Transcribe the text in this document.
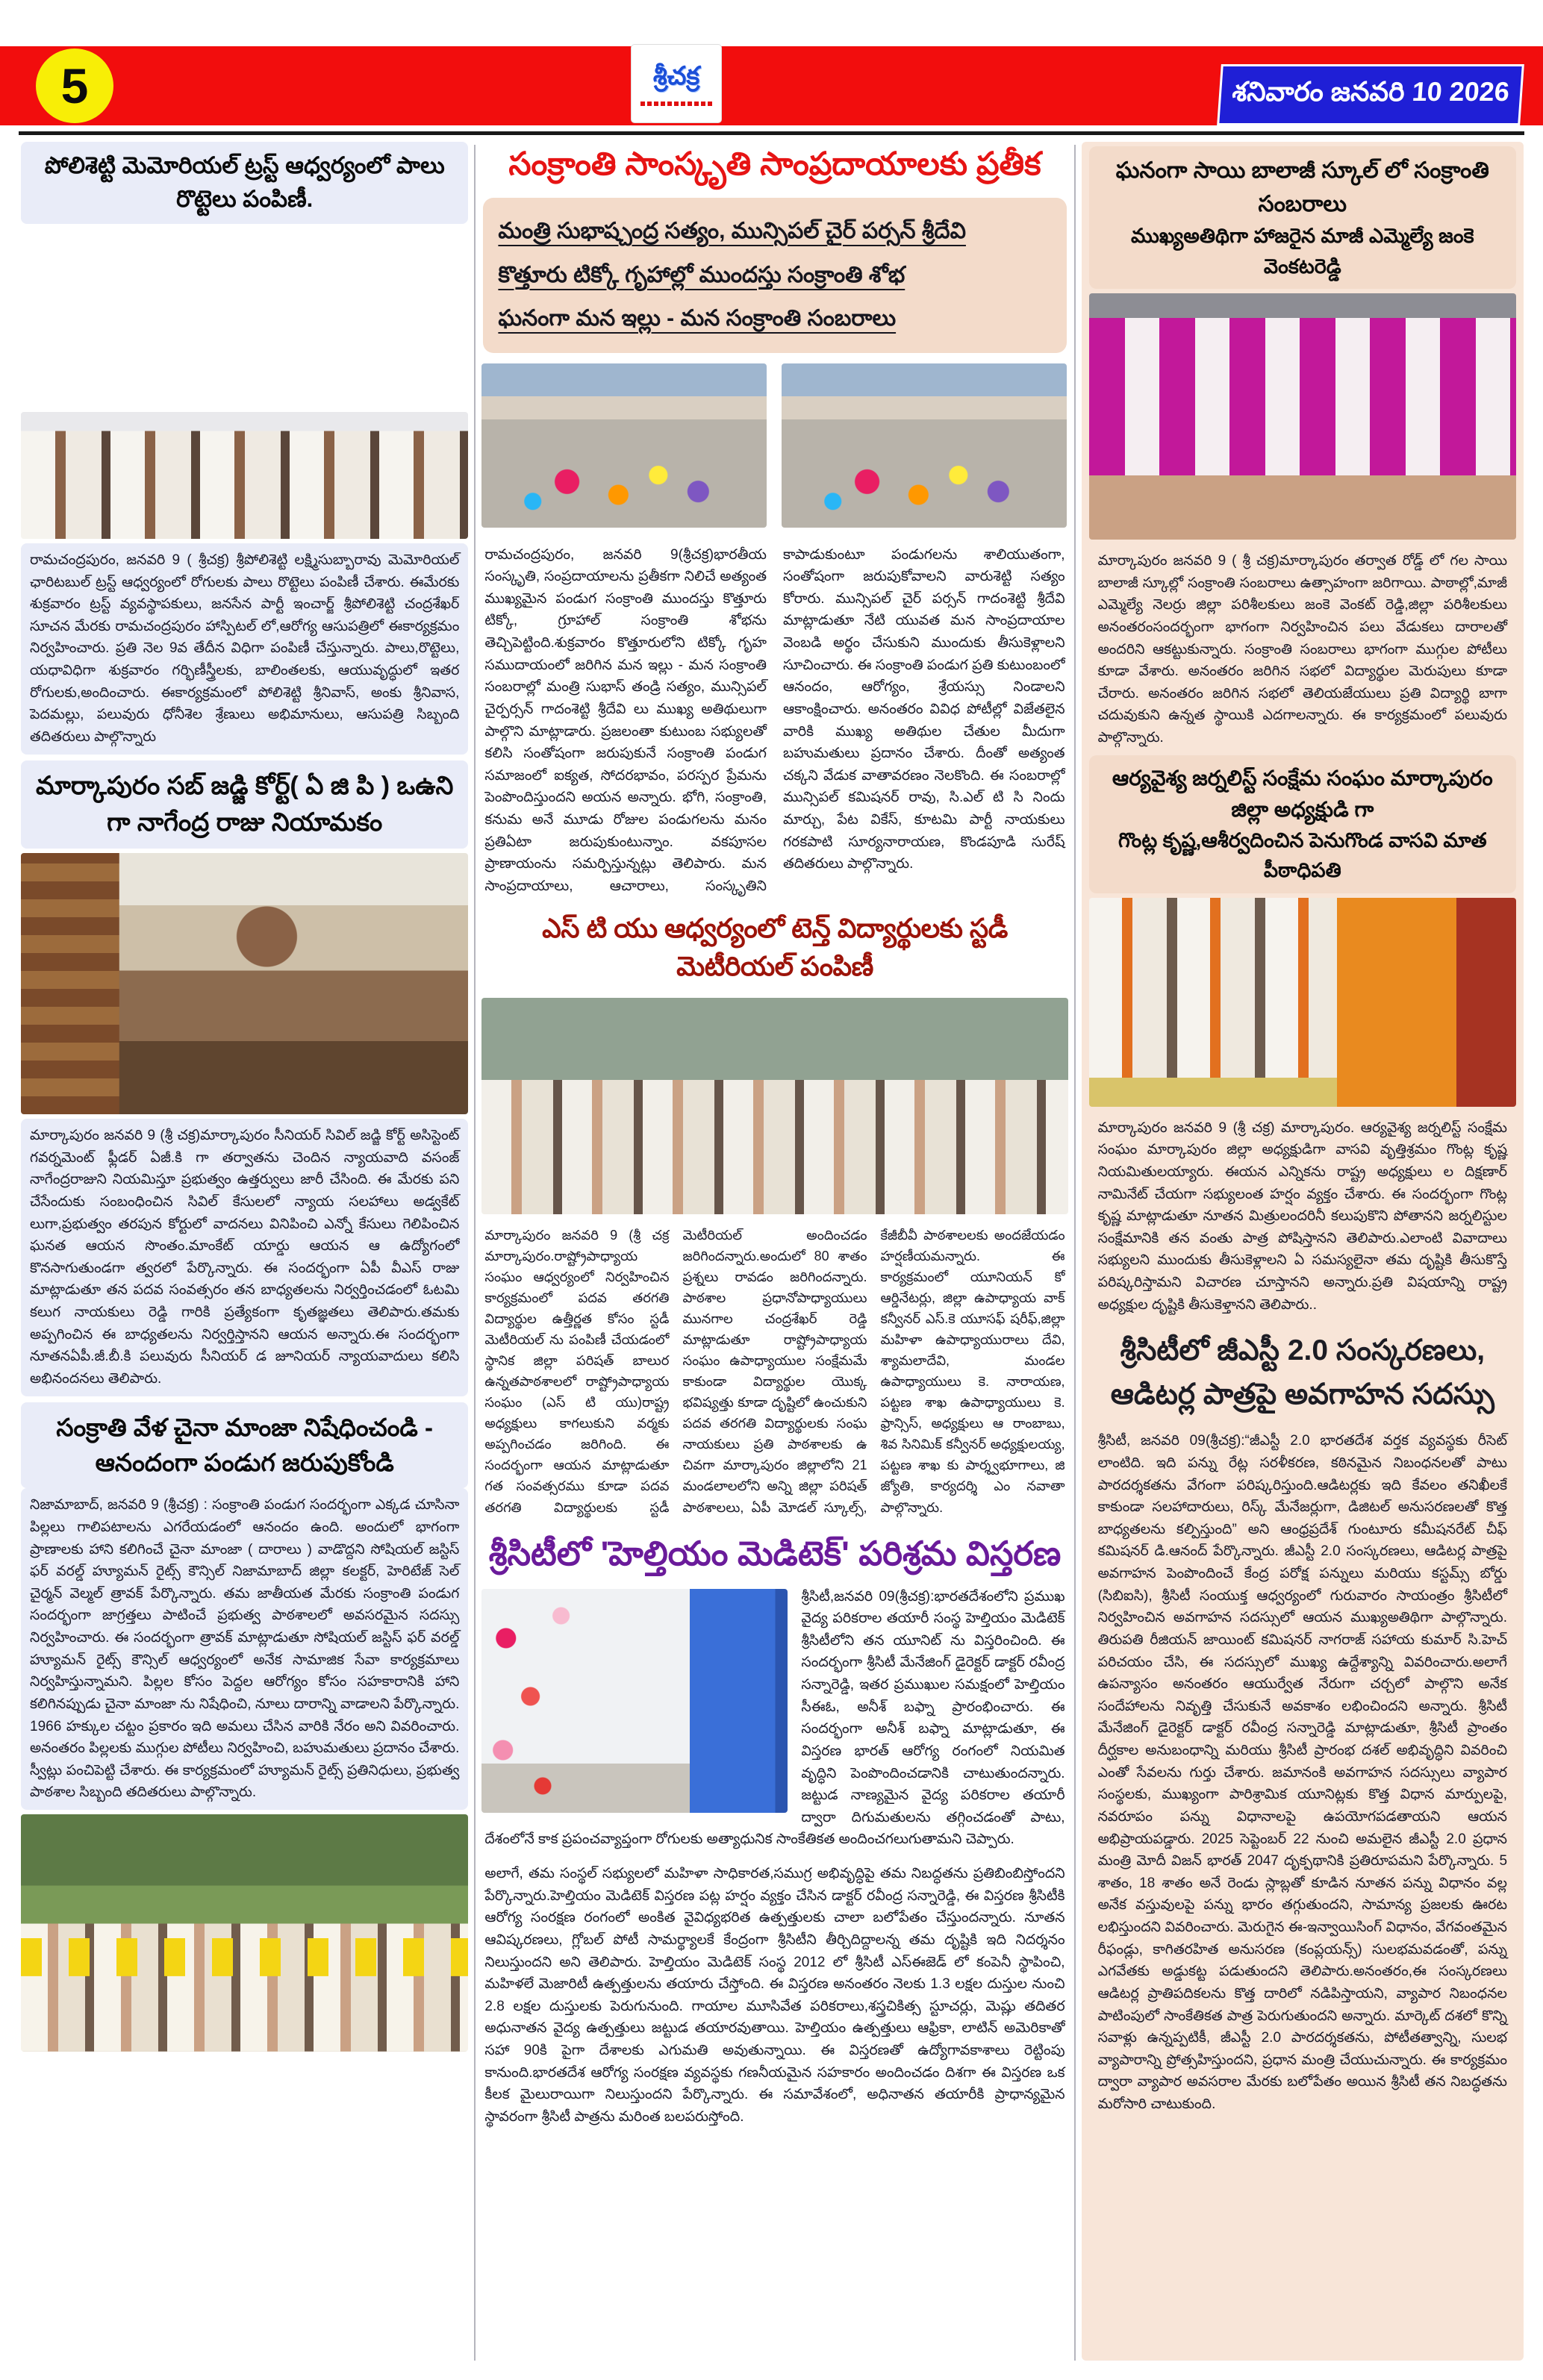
5	శ్రీచక్ర	శనివారం జనవరి 10 2026
పోలిశెట్టి మెమోరియల్ ట్రస్ట్ ఆధ్వర్యంలో పాలు రొట్టెలు పంపిణీ.
రామచంద్రపురం, జనవరి 9 ( శ్రీచక్ర) శ్రీపోలిశెట్టి లక్ష్మిసుబ్బారావు మెమోరియల్ ఛారిటబుల్ ట్రస్ట్ ఆధ్వర్యంలో రోగులకు పాలు రొట్టెలు పంపిణీ చేశారు. ఈమేరకు శుక్రవారం ట్రస్ట్ వ్యవస్థాపకులు, జనసేన పార్టీ ఇంచార్జ్ శ్రీపోలిశెట్టి చంద్రశేఖర్ సూచన మేరకు రామచంద్రపురం హాస్పిటల్ లో,ఆరోగ్య ఆసుపత్రిలో ఈకార్యక్రమం నిర్వహించారు. ప్రతి నెల 9వ తేదీన విధిగా పంపిణీ చేస్తున్నారు. పాలు,రొట్టెలు, యధావిధిగా శుక్రవారం గర్భిణీస్త్రీలకు, బాలింతలకు, ఆయువృద్ధులో ఇతర రోగులకు,అందించారు. ఈకార్యక్రమంలో పోలిశెట్టి శ్రీనివాస్, అంకు శ్రీనివాస, పెదమల్లు, పలువురు ధోనీశెల శ్రేణులు అభిమానులు, ఆసుపత్రి సిబ్బంది తదితరులు పాల్గొన్నారు
మార్కాపురం సబ్ జడ్జి కోర్ట్( ఏ జి పి ) ఒఉని గా నాగేంద్ర రాజు నియామకం
మార్కాపురం జనవరి 9 (శ్రీ చక్ర)మార్కాపురం సీనియర్ సివిల్ జడ్జి కోర్ట్ అసిస్టెంట్ గవర్నమెంట్ ఫ్లీడర్ ఏజీ.కి గా తర్వాతను చెందిన న్యాయవాది వసంజ్ నాగేంద్రరాజుని నియమిస్తూ ప్రభుత్వం ఉత్తర్వులు జారీ చేసింది. ఈ మేరకు పని చేసేందుకు సంబంధించిన సివిల్ కేసులలో న్యాయ సలహాలు అడ్వకేట్ లుగా,ప్రభుత్వం తరపున కోర్టులో వాదనలు వినిపించి ఎన్నో కేసులు గెలిపించిన ఘనత ఆయన సొంతం.మాంకేట్ యార్డు ఆయన ఆ ఉద్యోగంలో కొనసాగుతుండగా త్వరలో పేర్కొన్నారు. ఈ సందర్భంగా ఏపీ వీఎస్ రాజు మాట్లాడుతూ తన పదవ సంవత్సరం తన బాధ్యతలను నిర్వర్తించడంలో ఓటమి కలుగ నాయకులు రెడ్డి గారికి ప్రత్యేకంగా కృతజ్ఞతలు తెలిపారు.తమకు అప్పగించిన ఈ బాధ్యతలను నిర్వర్తిస్తానని ఆయన అన్నారు.ఈ సందర్భంగా నూతనఏపీ.జీ.బీ.కి పలువురు సీనియర్ డ జూనియర్ న్యాయవాదులు కలిసి అభినందనలు తెలిపారు.
సంక్రాతి వేళ చైనా మాంజా నిషేధించండి - ఆనందంగా పండుగ జరుపుకోండి
నిజామాబాద్, జనవరి 9 (శ్రీచక్ర) : సంక్రాంతి పండుగ సందర్భంగా ఎక్కడ చూసినా పిల్లలు గాలిపటాలను ఎగరేయడంలో ఆనందం ఉంది. అందులో భాగంగా ప్రాణాలకు హాని కలిగించే చైనా మాంజా ( దారాలు ) వాడొద్దని సోషియల్ జస్టిస్ ఫర్ వరల్డ్ హ్యూమన్ రైట్స్ కౌన్సిల్ నిజామాబాద్ జిల్లా కలక్టర్, హెరిటేజ్ సెల్ చైర్మన్ వెల్మల్ త్రావక్ పేర్కొన్నారు. తమ జాతీయత మేరకు సంక్రాంతి పండుగ సందర్భంగా జాగ్రత్తలు పాటించే ప్రభుత్వ పాఠశాలలో అవసరమైన సదస్సు నిర్వహించారు. ఈ సందర్భంగా త్రావక్ మాట్లాడుతూ సోషియల్ జస్టిస్ ఫర్ వరల్డ్ హ్యూమన్ రైట్స్ కౌన్సిల్ ఆధ్వర్యంలో అనేక సామాజిక సేవా కార్యక్రమాలు నిర్వహిస్తున్నామని. పిల్లల కోసం పెద్దల ఆరోగ్యం కోసం సహకారానికి హాని కలిగినప్పుడు చైనా మాంజా ను నిషేధించి, నూలు దారాన్ని వాడాలని పేర్కొన్నారు. 1966 హక్కుల చట్టం ప్రకారం ఇది అమలు చేసిన వారికి నేరం అని వివరించారు. అనంతరం పిల్లలకు ముగ్గుల పోటీలు నిర్వహించి, బహుమతులు ప్రదానం చేశారు. స్వీట్లు పంచిపెట్టి చేశారు. ఈ కార్యక్రమంలో హ్యూమన్ రైట్స్ ప్రతినిధులు, ప్రభుత్వ పాఠశాల సిబ్బంది తదితరులు పాల్గొన్నారు.
సంక్రాంతి సాంస్కృతి సాంప్రదాయాలకు ప్రతీక
మంత్రి సుభాష్చంద్ర సత్యం, మున్సిపల్ చైర్ పర్సన్ శ్రీదేవి
కొత్తూరు టిక్కో గృహాల్లో ముందస్తు సంక్రాంతి శోభ
ఘనంగా మన ఇల్లు - మన సంక్రాంతి సంబరాలు
రామచంద్రపురం, జనవరి 9(శ్రీచక్ర)భారతీయ సంస్కృతి, సంప్రదాయాలను ప్రతీకగా నిలిచే అత్యంత ముఖ్యమైన పండుగ సంక్రాంతి ముందస్తు కొత్తూరు టిక్కో, గ్రూహాల్ సంక్రాంతి శోభను తెచ్చిపెట్టింది.శుక్రవారం కొత్తూరులోని టిక్కో గృహ సముదాయంలో జరిగిన మన ఇల్లు - మన సంక్రాంతి సంబరాల్లో మంత్రి సుభాస్ తండ్రి సత్యం, మున్సిపల్ చైర్పర్సన్ గాదంశెట్టి శ్రీదేవి లు ముఖ్య అతిథులుగా పాల్గొని మాట్లాడారు. ప్రజలంతా కుటుంబ సభ్యులతో కలిసి సంతోషంగా జరుపుకునే సంక్రాంతి పండుగ సమాజంలో ఐక్యత, సోదరభావం, పరస్పర ప్రేమను పెంపొందిస్తుందని అయన అన్నారు. భోగి, సంక్రాంతి, కనుమ అనే మూడు రోజుల పండుగలను మనం ప్రతిఏటా జరుపుకుంటున్నాం. వకపూసల ప్రాణాయంను సమర్పిస్తున్నట్లు తెలిపారు. మన సాంప్రదాయాలు, ఆచారాలు, సంస్కృతిని కాపాడుకుంటూ పండుగలను శాలియుతంగా, సంతోషంగా జరుపుకోవాలని వారుశెట్టి సత్యం కోరారు. మున్సిపల్ చైర్ పర్సన్ గాదంశెట్టి శ్రీదేవి మాట్లాడుతూ నేటి యువత మన సాంప్రదాయాల వెంబడి అర్థం చేసుకుని ముందుకు తీసుకెళ్లాలని సూచించారు. ఈ సంక్రాంతి పండుగ ప్రతి కుటుంబంలో ఆనందం, ఆరోగ్యం, శ్రేయస్సు నిండాలని ఆకాంక్షించారు. అనంతరం వివిధ పోటీల్లో విజేతలైన వారికి ముఖ్య అతిథుల చేతుల మీదుగా బహుమతులు ప్రదానం చేశారు. దీంతో అత్యంత చక్కని వేడుక వాతావరణం నెలకొంది. ఈ సంబరాల్లో మున్సిపల్ కమిషనర్ రావు, సి.ఎల్ టి సి నిందు మార్చు, పేట వికేస్, కూటమి పార్టీ నాయకులు గరకపాటి సూర్యనారాయణ, కొండపూడి సురేష్ తదితరులు పాల్గొన్నారు.
ఎస్ టి యు ఆధ్వర్యంలో టెన్త్ విద్యార్థులకు స్టడీ మెటీరియల్ పంపిణీ
మార్కాపురం జనవరి 9 (శ్రీ చక్ర మార్కాపురం.రాష్ట్రోపాధ్యాయ సంఘం ఆధ్వర్యంలో నిర్వహించిన కార్యక్రమంలో పదవ తరగతి విద్యార్థుల ఉత్తీర్ణత కోసం స్టడీ మెటీరియల్ ను పంపిణీ చేయడంలో స్థానిక జిల్లా పరిషత్ బాలుర ఉన్నతపాఠశాలలో రాష్ట్రోపాధ్యాయ సంఘం (ఎస్ టి యు)రాష్ట్ర అధ్యక్షులు కాగలుకుని వర్మకు అప్పగించడం జరిగింది. ఈ సందర్భంగా ఆయన మాట్లాడుతూ గత సంవత్సరము కూడా పదవ తరగతి విద్యార్థులకు స్టడీ మెటీరియల్ అందించడం జరిగిందన్నారు.అందులో 80 శాతం ప్రశ్నలు రావడం జరిగిందన్నారు. పాఠశాల ప్రధానోపాధ్యాయులు మునగాల చంద్రశేఖర్ రెడ్డి మాట్లాడుతూ రాష్ట్రోపాధ్యాయ సంఘం ఉపాధ్యాయుల సంక్షేమమే కాకుండా విద్యార్థుల యొక్క భవిష్యత్తు కూడా దృష్టిలో ఉంచుకుని పదవ తరగతి విద్యార్థులకు సంఘ నాయకులు ప్రతి పాఠశాలకు ఉ చివగా మార్కాపురం జిల్లాలోని 21 మండలాలలోని అన్ని జిల్లా పరిషత్ పాఠశాలలు, ఏపీ మోడల్ స్కూల్స్, కేజీబీవీ పాఠశాలలకు అందజేయడం హర్షణీయమన్నారు. ఈ కార్యక్రమంలో యూనియన్ కో ఆర్డినేటర్లు, జిల్లా ఉపాధ్యాయ వాక్ కన్వీనర్ ఎస్.కె యూసఫ్ షరీఫ్,జిల్లా మహిళా ఉపాధ్యాయురాలు దేవి, శ్యామలాదేవి, మండల ఉపాధ్యాయులు కె. నారాయణ, పట్టణ శాఖ ఉపాధ్యాయులు కె. ఫ్రాన్సిస్, అధ్యక్షులు ఆ రాంబాబు, శివ సినిమిక్ కన్వీనర్ అధ్యక్షులయ్య, పట్టణ శాఖ కు పార్శ్వభూగాలు, జి జ్యోతి, కార్యదర్శి ఎం నవాతా పాల్గొన్నారు.
శ్రీసిటీలో 'హెల్తియం మెడిటెక్' పరిశ్రమ విస్తరణ
శ్రీసిటీ,జనవరి 09(శ్రీచక్ర):భారతదేశంలోని ప్రముఖ వైద్య పరికరాల తయారీ సంస్థ హెల్తియం మెడిటెక్ శ్రీసిటీలోని తన యూనిట్ ను విస్తరించింది. ఈ సందర్భంగా శ్రీసిటీ మేనేజింగ్ డైరెక్టర్ డాక్టర్ రవీంద్ర సన్నారెడ్డి, ఇతర ప్రముఖుల సమక్షంలో హెల్తియం సీఈఓ, అనీశ్ బఫ్నా ప్రారంభించారు. ఈ సందర్భంగా అనీశ్ బఫ్నా మాట్లాడుతూ, ఈ విస్తరణ భారత్ ఆరోగ్య రంగంలో నియమిత వృద్ధిని పెంపొందించడానికి చాటుతుందన్నారు. జట్టుడ నాణ్యమైన వైద్య పరికరాల తయారీ ద్వారా దిగుమతులను తగ్గించడంతో పాటు, దేశంలోనే కాక ప్రపంచవ్యాప్తంగా రోగులకు అత్యాధునిక సాంకేతికత అందించగలుగుతామని చెప్పారు.
అలాగే, తమ సంస్థల్ సభ్యులలో మహిళా సాధికారత,సముగ్ర అభివృద్ధిపై తమ నిబద్ధతను ప్రతిబింబిస్తోందని పేర్కొన్నారు.హెల్తియం మెడిటెక్ విస్తరణ పట్ల హర్షం వ్యక్తం చేసిన డాక్టర్ రవీంద్ర సన్నారెడ్డి, ఈ విస్తరణ శ్రీసిటీకి ఆరోగ్య సంరక్షణ రంగంలో అంకిత వైవిధ్యభరిత ఉత్పత్తులకు చాలా బలోపేతం చేస్తుందన్నారు. నూతన ఆవిష్కరణలు, గ్లోబల్ పోటీ సామర్థ్యాలకే కేంద్రంగా శ్రీసిటీని తీర్చిదిద్దాలన్న తమ దృష్టికి ఇది నిదర్శనం నిలుస్తుందని అని తెలిపారు. హెల్తియం మెడిటెక్ సంస్థ 2012 లో శ్రీసిటీ ఎస్ఈజెడ్ లో కంపెనీ స్థాపించి, మహిళలే మెజారిటీ ఉత్పత్తులను తయారు చేస్తోంది. ఈ విస్తరణ అనంతరం నెలకు 1.3 లక్షల దుస్తుల నుంచి 2.8 లక్షల దుస్తులకు పెరుగునుంది. గాయాల మూసివేత పరికరాలు,శస్త్రచికిత్స స్టూచర్లు, మెష్లు తదితర అధునాతన వైద్య ఉత్పత్తులు జట్టుడ తయారవుతాయి. హెల్తియం ఉత్పత్తులు ఆఫ్రికా, లాటిన్ అమెరికాతో సహా 90కి పైగా దేశాలకు ఎగుమతి అవుతున్నాయి. ఈ విస్తరణతో ఉద్యోగావకాశాలు రెట్టింపు కానుంది.భారతదేశ ఆరోగ్య సంరక్షణ వ్యవస్థకు గణనీయమైన సహకారం అందించడం దిశగా ఈ విస్తరణ ఒక కీలక మైలురాయిగా నిలుస్తుందని పేర్కొన్నారు. ఈ సమావేశంలో, అధినాతన తయారీకి ప్రాధాన్యమైన స్థావరంగా శ్రీసిటీ పాత్రను మరింత బలపరుస్తోంది.
ఘనంగా సాయి బాలాజీ స్కూల్ లో సంక్రాంతి సంబరాలు
ముఖ్యఅతిథిగా హాజరైన మాజీ ఎమ్మెల్యే జంకె వెంకటరెడ్డి
మార్కాపురం జనవరి 9 ( శ్రీ చక్ర)మార్కాపురం తర్వాత రోడ్డ్ లో గల సాయి బాలాజీ స్కూల్లో సంక్రాంతి సంబరాలు ఉత్సాహంగా జరిగాయి. పాఠాల్లో,మాజీ ఎమ్మెల్యే నెలర్రు జిల్లా పరిశీలకులు జంకె వెంకట్ రెడ్డి,జిల్లా పరిశీలకులు అనంతరంసందర్భంగా భాగంగా నిర్వహించిన పలు వేడుకలు దారాలతో అందరిని ఆకట్టుకున్నారు. సంక్రాంతి సంబరాలు భాగంగా ముగ్గుల పోటీలు కూడా వేశారు. అనంతరం జరిగిన సభలో విద్యార్థుల మెరుపులు కూడా చేరారు. అనంతరం జరిగిన సభలో తెలియజేయులు ప్రతి విద్యార్థి బాగా చదువుకుని ఉన్నత స్థాయికి ఎదగాలన్నారు. ఈ కార్యక్రమంలో పలువురు పాల్గొన్నారు.
ఆర్యవైశ్య జర్నలిస్ట్ సంక్షేమ సంఘం మార్కాపురం జిల్లా అధ్యక్షుడి గా
గొంట్ల కృష్ణ,ఆశీర్వదించిన పెనుగొండ వాసవి మాత పీఠాధిపతి
మార్కాపురం జనవరి 9 (శ్రీ చక్ర) మార్కాపురం. ఆర్యవైశ్య జర్నలిస్ట్ సంక్షేమ సంఘం మార్కాపురం జిల్లా అధ్యక్షుడిగా వాసవి వృత్తిశ్రమం గొంట్ల కృష్ణ నియమితులయ్యారు. ఈయన ఎన్నికను రాష్ట్ర అధ్యక్షులు ల దిక్షణార్ నామినేట్ చేయగా సభ్యులంత హర్షం వ్యక్తం చేశారు. ఈ సందర్భంగా గొంట్ల కృష్ణ మాట్లాడుతూ నూతన మిత్రులందరినీ కలుపుకొని పోతానని జర్నలిస్టుల సంక్షేమానికి తన వంతు పాత్ర పోషిస్తానని తెలిపారు.ఎలాంటి వివాదాలు సభ్యులని ముందుకు తీసుకెళ్లాలని ఏ సమస్యలైనా తమ దృష్టికి తీసుకొస్తే పరిష్కరిస్తామని విచారణ చూస్తానని అన్నారు.ప్రతి విషయాన్ని రాష్ట్ర అధ్యక్షుల దృష్టికి తీసుకెళ్తానని తెలిపారు..
శ్రీసిటీలో జీఎస్టీ 2.0 సంస్కరణలు,
ఆడిటర్ల పాత్రపై అవగాహన సదస్సు
శ్రీసిటీ, జనవరి 09(శ్రీచక్ర):“జీఎస్టీ 2.0 భారతదేశ వర్తక వ్యవస్థకు రీసెట్ లాంటిది. ఇది పన్ను రేట్ల సరళీకరణ, కఠినమైన నిబంధనలతో పాటు పారదర్శకతను వేగంగా పరిష్కరిస్తుంది.ఆడిటర్లకు ఇది కేవలం తనిఖీలకే కాకుండా సలహాదారులు, రిస్క్ మేనేజర్లుగా, డిజిటల్ అనుసరణలతో కొత్త బాధ్యతలను కల్పిస్తుంది” అని ఆంధ్రప్రదేశ్ గుంటూరు కమీషనరేట్ చీఫ్ కమిషనర్ డి.ఆనంద్ పేర్కొన్నారు. జీఎస్టీ 2.0 సంస్కరణలు, ఆడిటర్ల పాత్రపై అవగాహన పెంపొందించే కేంద్ర పరోక్ష పన్నులు మరియు కస్టమ్స్ బోర్డు (సిబిఐసి), శ్రీసిటీ సంయుక్త ఆధ్వర్యంలో గురువారం సాయంత్రం శ్రీసిటీలో నిర్వహించిన అవగాహన సదస్సులో ఆయన ముఖ్యఅతిథిగా పాల్గొన్నారు. తిరుపతి రీజియన్ జాయింట్ కమిషనర్ నాగరాజ్ సహాయ కుమార్ సి.హెచ్ పరిచయం చేసి, ఈ సదస్సులో ముఖ్య ఉద్దేశ్యాన్ని వివరించారు.అలాగే ఉపన్యాసం అనంతరం ఆయుర్వేత నేరుగా చర్చలో పాల్గొని అనేక సందేహాలను నివృత్తి చేసుకునే అవకాశం లభించిందని అన్నారు. శ్రీసిటీ మేనేజింగ్ డైరెక్టర్ డాక్టర్ రవీంద్ర సన్నారెడ్డి మాట్లాడుతూ, శ్రీసిటీ ప్రాంతం దీర్ఘకాల అనుబంధాన్ని మరియు శ్రీసిటీ ప్రారంభ దశల్ అభివృద్ధిని వివరించి ఎంతో సేవలను గుర్తు చేశారు. జమానంకి అవగాహన సదస్సులు వ్యాపార సంస్థలకు, ముఖ్యంగా పారిశ్రామిక యూనిట్లకు కొత్త విధాన మార్పులపై, నవరూపం పన్ను విధానాలపై ఉపయోగపడతాయని ఆయన అభిప్రాయపడ్డారు. 2025 సెప్టెంబర్ 22 నుంచి అమలైన జీఎస్టీ 2.0 ప్రధాన మంత్రి మోదీ విజన్ భారత్ 2047 దృక్పథానికి ప్రతిరూపమని పేర్కొన్నారు. 5 శాతం, 18 శాతం అనే రెండు స్లాబ్లతో కూడిన నూతన పన్ను విధానం వల్ల అనేక వస్తువులపై పన్ను భారం తగ్గుతుందని, సామాన్య ప్రజలకు ఊరట లభిస్తుందని వివరించారు. మెరుగైన ఈ-ఇన్వాయిసింగ్ విధానం, వేగవంతమైన రీఫండ్లు, కాగితరహిత అనుసరణ (కంప్లయన్స్) సులభమవడంతో, పన్ను ఎగవేతకు అడ్డుకట్ట పడుతుందని తెలిపారు.అనంతరం,ఈ సంస్కరణలు ఆడిటర్ల ప్రాతిపదికలను కొత్త దారిలో నడిపిస్తాయని, వ్యాపార నిబంధనల పాటింపులో సాంకేతికత పాత్ర పెరుగుతుందని అన్నారు. మార్కెట్ దశలో కొన్ని సవాళ్లు ఉన్నప్పటికీ, జీఎస్టీ 2.0 పారదర్శకతను, పోటీతత్వాన్ని, సులభ వ్యాపారాన్ని ప్రోత్సహిస్తుందని, ప్రధాన మంత్రి చేయుచున్నారు. ఈ కార్యక్రమం ద్వారా వ్యాపార అవసరాల మేరకు బలోపేతం అయిన శ్రీసిటీ తన నిబద్ధతను మరోసారి చాటుకుంది.
